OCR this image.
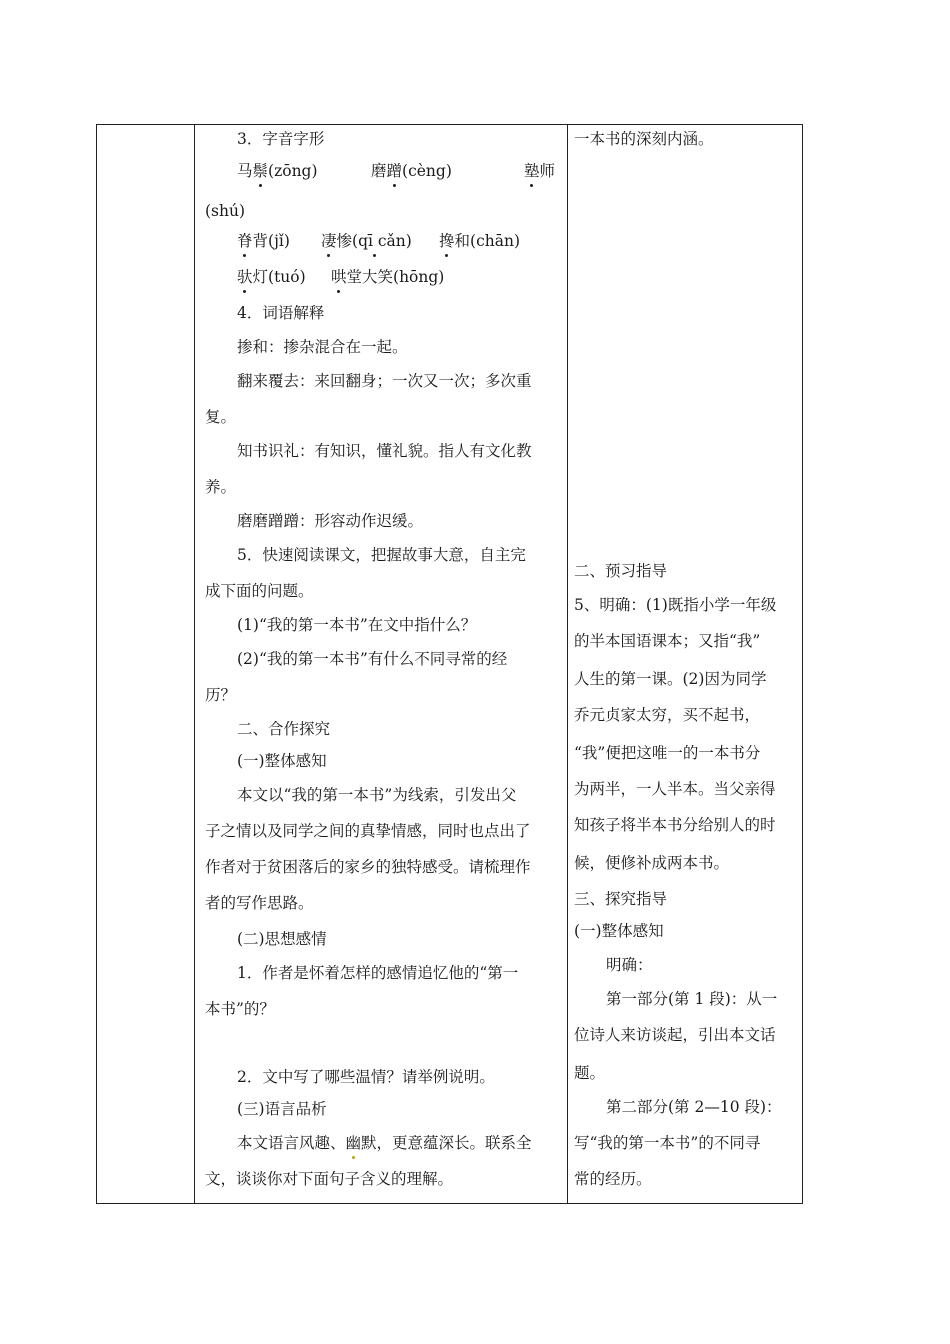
3．字音字形
马鬃(zōng)	磨蹭(cèng)	塾师
(shú)
脊背(jǐ) 凄惨(qī cǎn) 搀和(chān)
驮灯(tuó) 哄堂大笑(hōng)
4．词语解释
掺和：掺杂混合在一起。
翻来覆去：来回翻身；一次又一次；多次重
复。
知书识礼：有知识，懂礼貌。指人有文化教
养。
磨磨蹭蹭：形容动作迟缓。
5．快速阅读课文，把握故事大意，自主完
成下面的问题。
(1)“我的第一本书”在文中指什么？
(2)“我的第一本书”有什么不同寻常的经
历？
二、合作探究
(一)整体感知
本文以“我的第一本书”为线索，引发出父
子之情以及同学之间的真挚情感，同时也点出了
作者对于贫困落后的家乡的独特感受。请梳理作
者的写作思路。
(二)思想感情
1．作者是怀着怎样的感情追忆他的“第一
本书”的？
2．文中写了哪些温情？请举例说明。
(三)语言品析
本文语言风趣、幽默，更意蕴深长。联系全
文，谈谈你对下面句子含义的理解。
一本书的深刻内涵。
二、预习指导
5、明确：(1)既指小学一年级
的半本国语课本；又指“我”
人生的第一课。(2)因为同学
乔元贞家太穷，买不起书，
“我”便把这唯一的一本书分
为两半，一人半本。当父亲得
知孩子将半本书分给别人的时
候，便修补成两本书。
三、探究指导
(一)整体感知
明确：
第一部分(第 1 段)：从一
位诗人来访谈起，引出本文话
题。
第二部分(第 2—10 段)：
写“我的第一本书”的不同寻
常的经历。
